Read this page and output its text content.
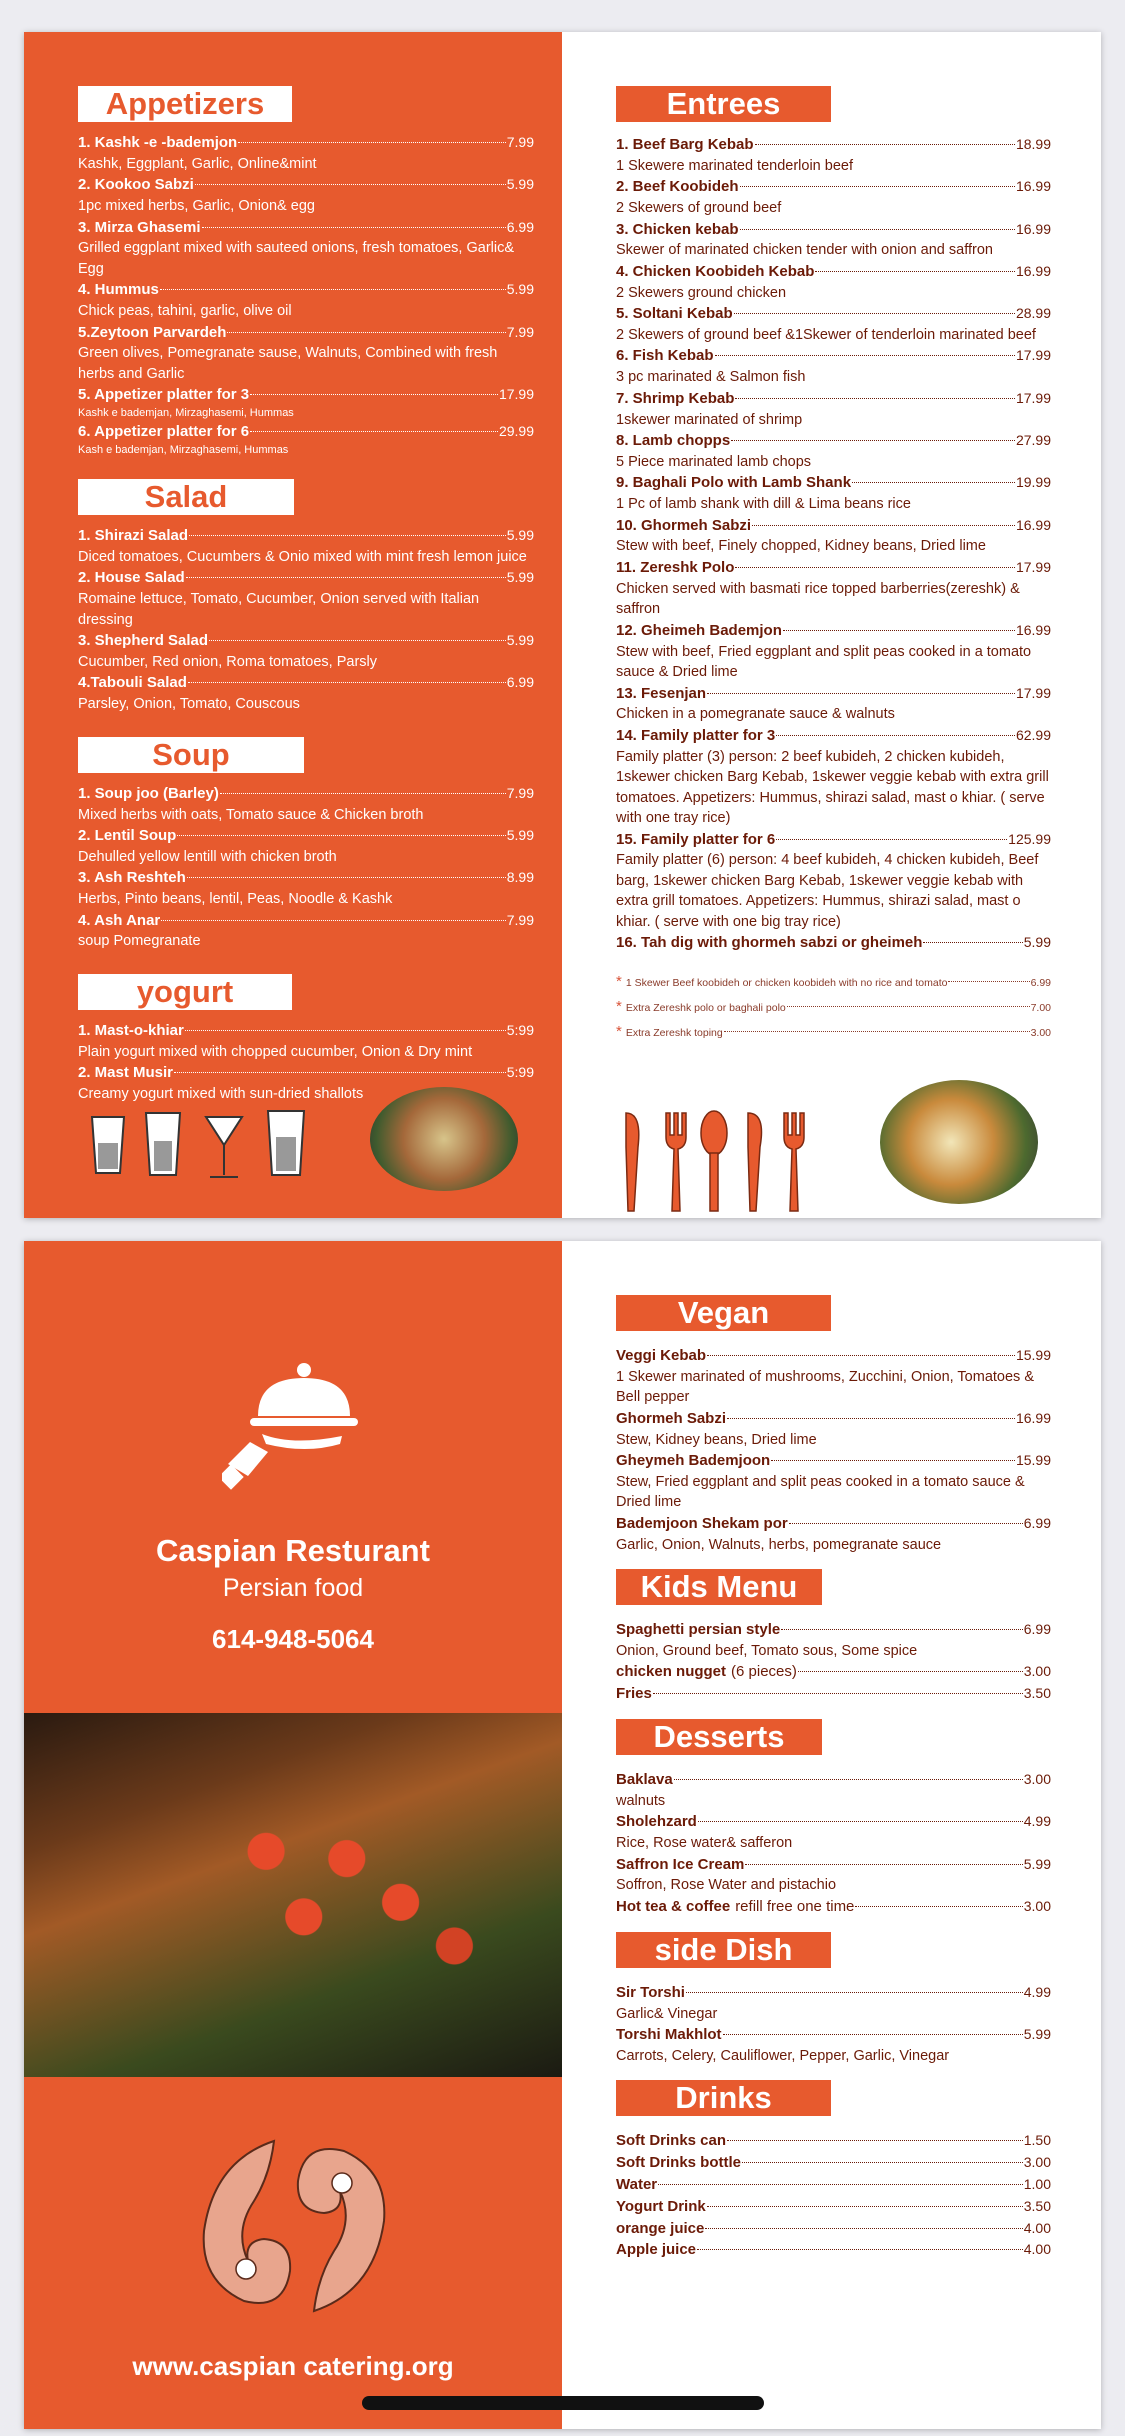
Appetizers
1. Kashk -e -bademjon	7.99
Kashk, Eggplant, Garlic, Online&mint
2. Kookoo Sabzi	5.99
1pc mixed herbs, Garlic, Onion& egg
3. Mirza Ghasemi	6.99
Grilled eggplant mixed with sauteed onions, fresh tomatoes, Garlic& Egg
4. Hummus	5.99
Chick peas, tahini, garlic, olive oil
5.Zeytoon Parvardeh	7.99
Green olives, Pomegranate sause, Walnuts, Combined with fresh herbs and Garlic
5. Appetizer platter for 3	17.99
Kashk e bademjan, Mirzaghasemi, Hummas
6. Appetizer platter for 6	29.99
Kash e bademjan, Mirzaghasemi, Hummas
Salad
1. Shirazi Salad	5.99
Diced tomatoes, Cucumbers & Onio mixed with mint fresh lemon juice
2. House Salad	5.99
Romaine lettuce, Tomato, Cucumber, Onion served with Italian dressing
3. Shepherd Salad	5.99
Cucumber, Red onion, Roma tomatoes, Parsly
4.Tabouli Salad	6.99
Parsley, Onion, Tomato, Couscous
Soup
1. Soup joo (Barley)	7.99
Mixed herbs with oats, Tomato sauce & Chicken broth
2. Lentil Soup	5.99
Dehulled yellow lentill with chicken broth
3. Ash Reshteh	8.99
Herbs, Pinto beans, lentil, Peas, Noodle & Kashk
4. Ash Anar	7.99
soup Pomegranate
yogurt
1. Mast-o-khiar	5:99
Plain yogurt mixed with chopped cucumber, Onion & Dry mint
2. Mast Musir	5:99
Creamy yogurt mixed with sun-dried shallots
Entrees
1. Beef Barg Kebab	18.99
1 Skewere marinated tenderloin beef
2. Beef Koobideh	16.99
2 Skewers of ground beef
3. Chicken kebab	16.99
Skewer of marinated chicken tender with onion and saffron
4. Chicken Koobideh Kebab	16.99
2 Skewers ground chicken
5. Soltani Kebab	28.99
2 Skewers of ground beef &1Skewer of tenderloin marinated beef
6. Fish Kebab	17.99
3 pc marinated & Salmon fish
7. Shrimp Kebab	17.99
1skewer marinated of shrimp
8. Lamb chopps	27.99
5 Piece marinated lamb chops
9. Baghali Polo with Lamb Shank	19.99
1 Pc of lamb shank with dill & Lima beans rice
10. Ghormeh Sabzi	16.99
Stew with beef, Finely chopped, Kidney beans, Dried lime
11. Zereshk Polo	17.99
Chicken served with basmati rice topped barberries(zereshk) & saffron
12. Gheimeh Bademjon	16.99
Stew with beef, Fried eggplant and split peas cooked in a tomato sauce & Dried lime
13. Fesenjan	17.99
Chicken in a pomegranate sauce & walnuts
14. Family platter for 3	62.99
Family platter (3) person: 2 beef kubideh, 2 chicken kubideh, 1skewer chicken Barg Kebab, 1skewer veggie kebab with extra grill tomatoes. Appetizers: Hummus, shirazi salad, mast o khiar. ( serve with one tray rice)
15. Family platter for 6	125.99
Family platter (6) person: 4 beef kubideh, 4 chicken kubideh, Beef barg, 1skewer chicken Barg Kebab, 1skewer veggie kebab with extra grill tomatoes. Appetizers: Hummus, shirazi salad, mast o khiar. ( serve with one big tray rice)
16. Tah dig with ghormeh sabzi or gheimeh	5.99
* 1 Skewer Beef koobideh or chicken koobideh with no rice and tomato	6.99
* Extra Zereshk polo or baghali polo	7.00
* Extra Zereshk toping	3.00
Caspian Resturant
Persian food
614-948-5064
www.caspian catering.org
Vegan
Veggi Kebab	15.99
1 Skewer marinated of mushrooms, Zucchini, Onion, Tomatoes & Bell pepper
Ghormeh Sabzi	16.99
Stew, Kidney beans, Dried lime
Gheymeh Bademjoon	15.99
Stew, Fried eggplant and split peas cooked in a tomato sauce & Dried lime
Bademjoon Shekam por	6.99
Garlic, Onion, Walnuts, herbs, pomegranate sauce
Kids Menu
Spaghetti persian style	6.99
Onion, Ground beef, Tomato sous, Some spice
chicken nugget (6 pieces)	3.00
Fries	3.50
Desserts
Baklava	3.00
walnuts
Sholehzard	4.99
Rice, Rose water& safferon
Saffron Ice Cream	5.99
Soffron, Rose Water and pistachio
Hot tea & coffee refill free one time	3.00
side Dish
Sir Torshi	4.99
Garlic& Vinegar
Torshi Makhlot	5.99
Carrots, Celery, Cauliflower, Pepper, Garlic, Vinegar
Drinks
Soft Drinks can	1.50
Soft Drinks bottle	3.00
Water	1.00
Yogurt Drink	3.50
orange juice	4.00
Apple juice	4.00
